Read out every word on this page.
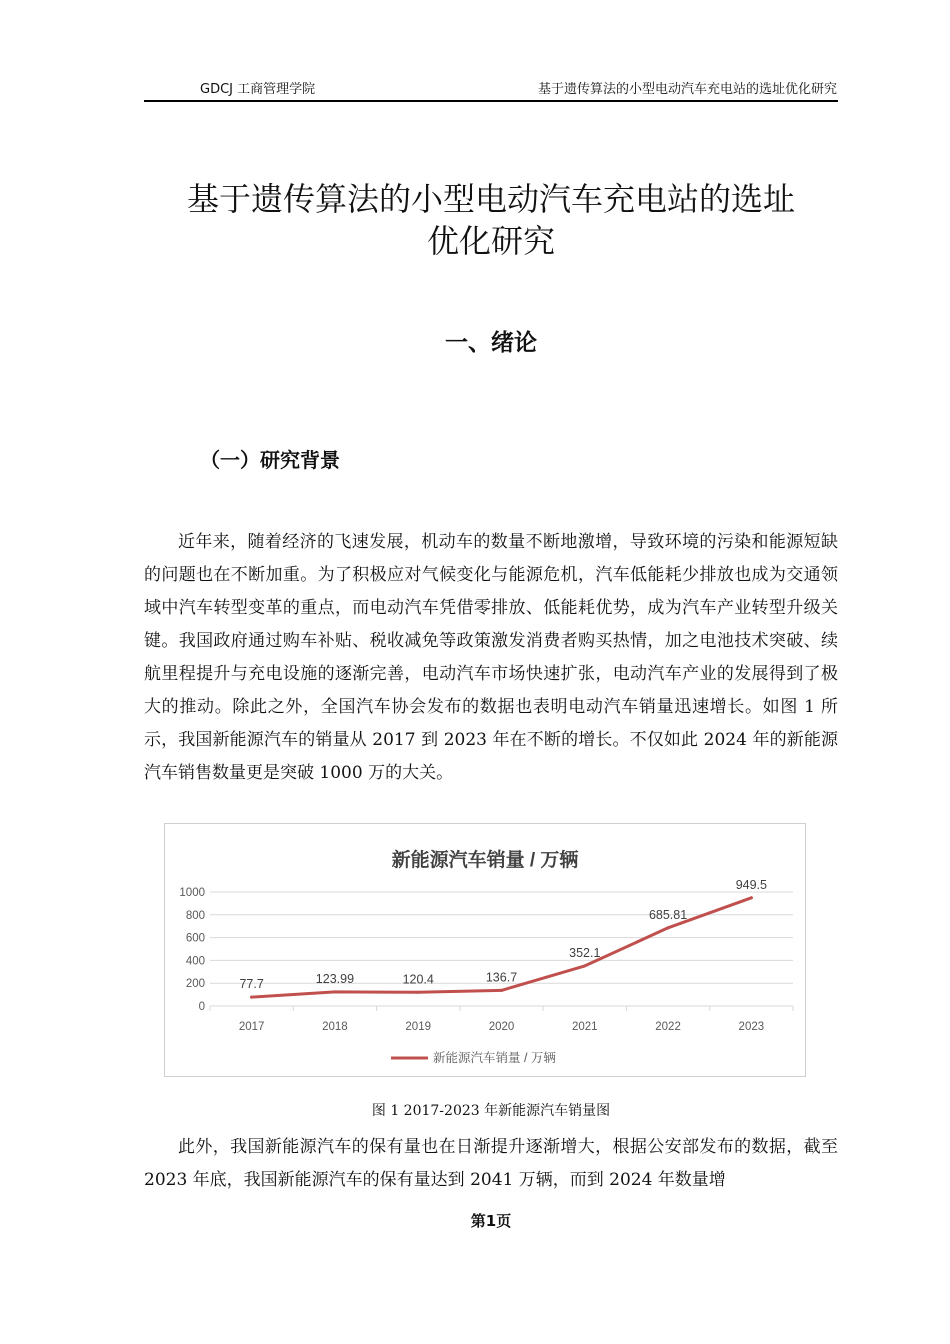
GDCJ 工商管理学院	基于遗传算法的小型电动汽车充电站的选址优化研究
基于遗传算法的小型电动汽车充电站的选址
优化研究
一、绪论
（一）研究背景

近年来，随着经济的飞速发展，机动车的数量不断地激增，导致环境的污染和能源短缺的问题也在不断加重。为了积极应对气候变化与能源危机，汽车低能耗少排放也成为交通领域中汽车转型变革的重点，而电动汽车凭借零排放、低能耗优势，成为汽车产业转型升级关键。我国政府通过购车补贴、税收减免等政策激发消费者购买热情，加之电池技术突破、续航里程提升与充电设施的逐渐完善，电动汽车市场快速扩张，电动汽车产业的发展得到了极大的推动。除此之外，全国汽车协会发布的数据也表明电动汽车销量迅速增长。如图 1 所示，我国新能源汽车的销量从 2017 到 2023 年在不断的增长。不仅如此 2024 年的新能源汽车销售数量更是突破 1000 万的大关。

新能源汽车销量 / 万辆
0
200
400
600
800
1000
2017	2018	2019	2020	2021	2022	2023
77.7	123.99	120.4	136.7
352.1
685.81
949.5
新能源汽车销量 / 万辆
图 1 2017-2023 年新能源汽车销量图

此外，我国新能源汽车的保有量也在日渐提升逐渐增大，根据公安部发布的数据，截至 2023 年底，我国新能源汽车的保有量达到 2041 万辆，而到 2024 年数量增

第1页
